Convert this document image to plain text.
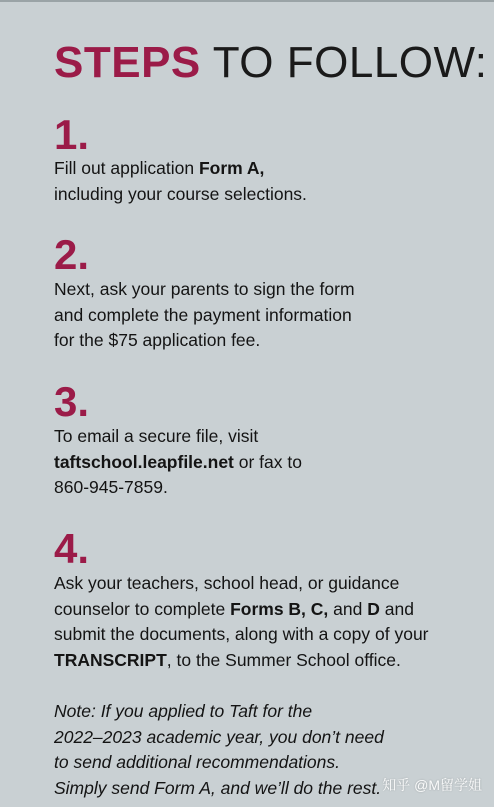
STEPS TO FOLLOW:
1.

Fill out application Form A,
including your course selections.

2.

Next, ask your parents to sign the form
and complete the payment information
for the $75 application fee.

3.

To email a secure file, visit
taftschool.leapfile.net or fax to
860-945-7859.

4.

Ask your teachers, school head, or guidance
counselor to complete Forms B, C, and D and
submit the documents, along with a copy of your
TRANSCRIPT, to the Summer School office.

Note: If you applied to Taft for the
2022–2023 academic year, you don’t need
to send additional recommendations.
Simply send Form A, and we’ll do the rest. 知乎 @M留学姐
